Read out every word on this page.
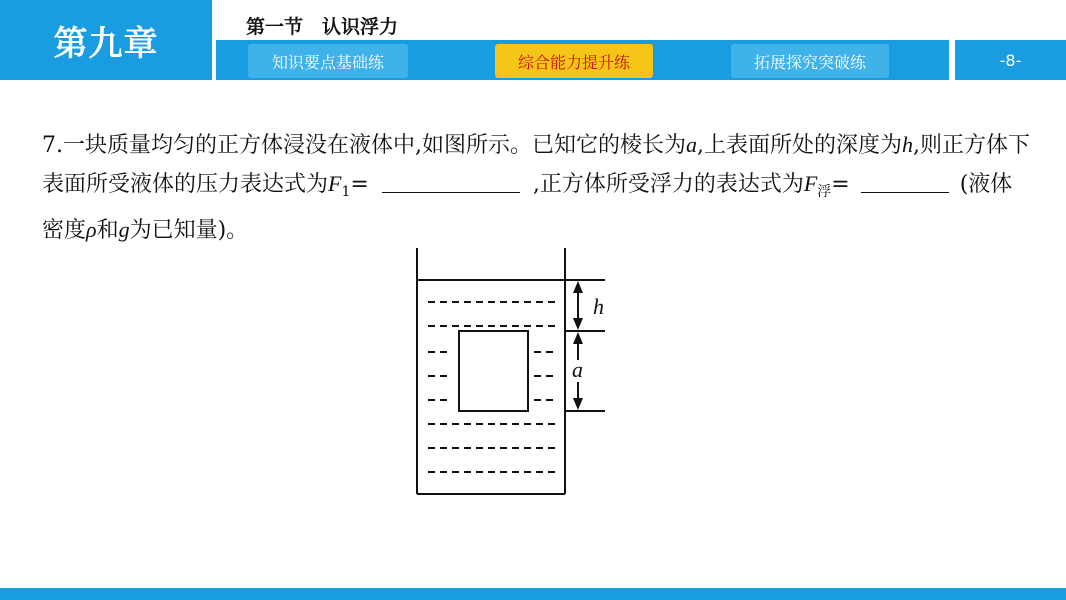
第九章	第一节　认识浮力
知识要点基础练	综合能力提升练	拓展探究突破练	-8-
7.一块质量均匀的正方体浸没在液体中,如图所示。已知它的棱长为a,上表面所处的深度为h,则正方体下表面所受液体的压力表达式为$F_1=$	,正方体所受浮力的表达式为$F_浮=$	(液体密度ρ和g为已知量)。
h
a
